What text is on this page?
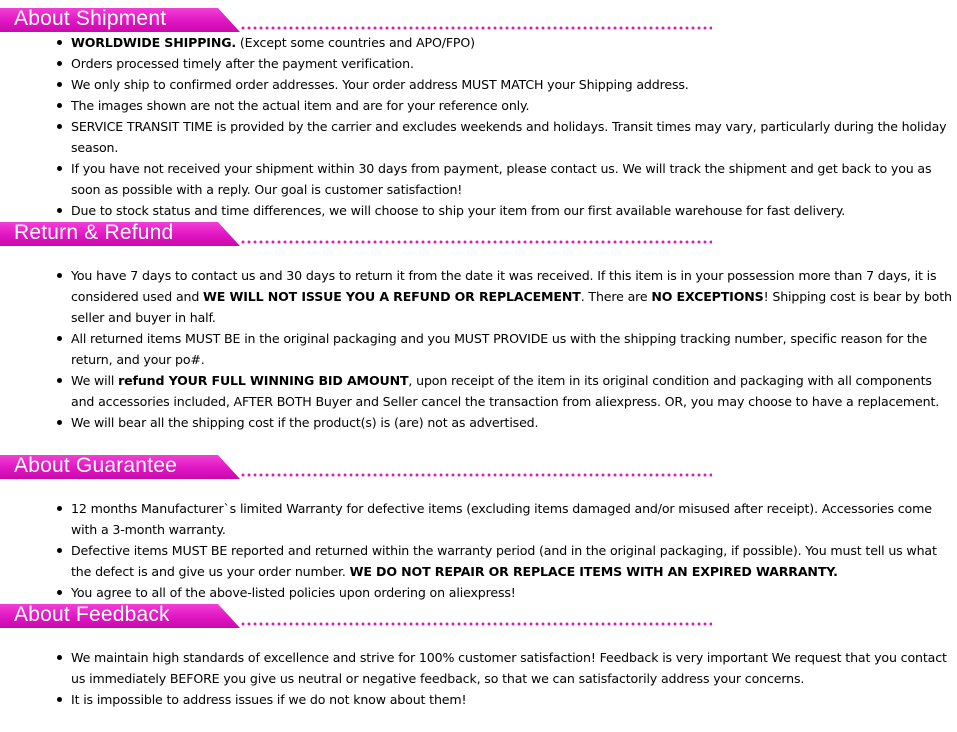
About Shipment
WORLDWIDE SHIPPING. (Except some countries and APO/FPO)
Orders processed timely after the payment verification.
We only ship to confirmed order addresses. Your order address MUST MATCH your Shipping address.
The images shown are not the actual item and are for your reference only.
SERVICE TRANSIT TIME is provided by the carrier and excludes weekends and holidays. Transit times may vary, particularly during the holiday season.
If you have not received your shipment within 30 days from payment, please contact us. We will track the shipment and get back to you as soon as possible with a reply. Our goal is customer satisfaction!
Due to stock status and time differences, we will choose to ship your item from our first available warehouse for fast delivery.
Return & Refund
You have 7 days to contact us and 30 days to return it from the date it was received. If this item is in your possession more than 7 days, it is considered used and WE WILL NOT ISSUE YOU A REFUND OR REPLACEMENT. There are NO EXCEPTIONS! Shipping cost is bear by both seller and buyer in half.
All returned items MUST BE in the original packaging and you MUST PROVIDE us with the shipping tracking number, specific reason for the return, and your po#.
We will refund YOUR FULL WINNING BID AMOUNT, upon receipt of the item in its original condition and packaging with all components and accessories included, AFTER BOTH Buyer and Seller cancel the transaction from aliexpress. OR, you may choose to have a replacement.
We will bear all the shipping cost if the product(s) is (are) not as advertised.
About Guarantee
12 months Manufacturer`s limited Warranty for defective items (excluding items damaged and/or misused after receipt). Accessories come with a 3-month warranty.
Defective items MUST BE reported and returned within the warranty period (and in the original packaging, if possible). You must tell us what the defect is and give us your order number. WE DO NOT REPAIR OR REPLACE ITEMS WITH AN EXPIRED WARRANTY.
You agree to all of the above-listed policies upon ordering on aliexpress!
About Feedback
We maintain high standards of excellence and strive for 100% customer satisfaction! Feedback is very important We request that you contact us immediately BEFORE you give us neutral or negative feedback, so that we can satisfactorily address your concerns.
It is impossible to address issues if we do not know about them!
